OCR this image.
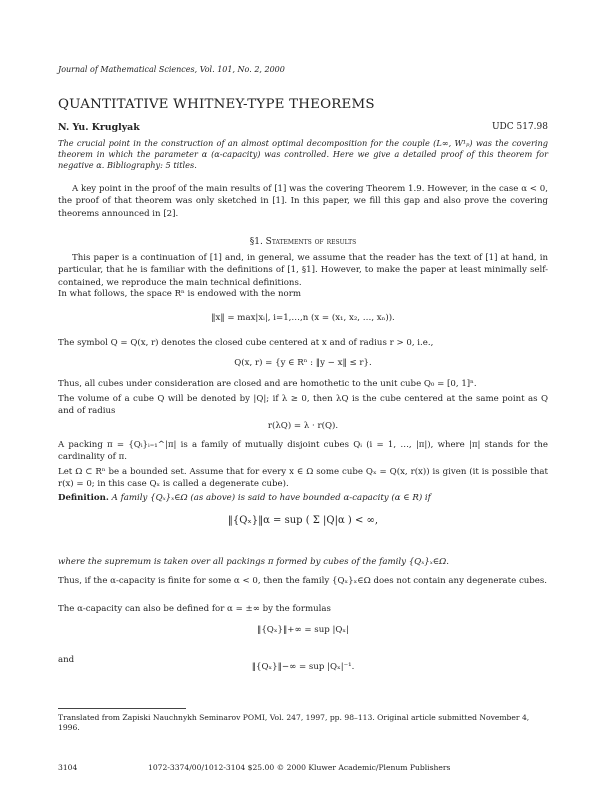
Journal of Mathematical Sciences, Vol. 101, No. 2, 2000
QUANTITATIVE WHITNEY-TYPE THEOREMS
N. Yu. Kruglyak	UDC 517.98
The crucial point in the construction of an almost optimal decomposition for the couple (L∞, W¹ₚ) was the covering theorem in which the parameter α (α-capacity) was controlled. Here we give a detailed proof of this theorem for negative α. Bibliography: 5 titles.
A key point in the proof of the main results of [1] was the covering Theorem 1.9. However, in the case α < 0, the proof of that theorem was only sketched in [1]. In this paper, we fill this gap and also prove the covering theorems announced in [2].
§1. Statements of results
This paper is a continuation of [1] and, in general, we assume that the reader has the text of [1] at hand, in particular, that he is familiar with the definitions of [1, §1]. However, to make the paper at least minimally self-contained, we reproduce the main technical definitions.
In what follows, the space Rⁿ is endowed with the norm
‖x‖ = max|xᵢ|, i=1,…,n (x = (x₁, x₂, …, xₙ)).
The symbol Q = Q(x, r) denotes the closed cube centered at x and of radius r > 0, i.e.,
Q(x, r) = {y ∈ Rⁿ : ‖y − x‖ ≤ r}.
Thus, all cubes under consideration are closed and are homothetic to the unit cube Q₀ = [0, 1]ⁿ.
The volume of a cube Q will be denoted by |Q|; if λ ≥ 0, then λQ is the cube centered at the same point as Q and of radius
r(λQ) = λ · r(Q).
A packing π = {Qᵢ}ᵢ₌₁^|π| is a family of mutually disjoint cubes Qᵢ (i = 1, …, |π|), where |π| stands for the cardinality of π.
Let Ω ⊂ Rⁿ be a bounded set. Assume that for every x ∈ Ω some cube Qₓ = Q(x, r(x)) is given (it is possible that r(x) = 0; in this case Qₓ is called a degenerate cube).
Definition. A family {Qₓ}ₓ∈Ω (as above) is said to have bounded α-capacity (α ∈ R) if
‖{Qₓ}‖α = sup ( Σ |Q|α ) < ∞,
where the supremum is taken over all packings π formed by cubes of the family {Qₓ}ₓ∈Ω.
Thus, if the α-capacity is finite for some α < 0, then the family {Qₓ}ₓ∈Ω does not contain any degenerate cubes.
The α-capacity can also be defined for α = ±∞ by the formulas
‖{Qₓ}‖+∞ = sup |Qₓ|
and
‖{Qₓ}‖−∞ = sup |Qₓ|⁻¹.
Translated from Zapiski Nauchnykh Seminarov POMI, Vol. 247, 1997, pp. 98–113. Original article submitted November 4, 1996.
3104	1072-3374/00/1012-3104 $25.00 © 2000 Kluwer Academic/Plenum Publishers
